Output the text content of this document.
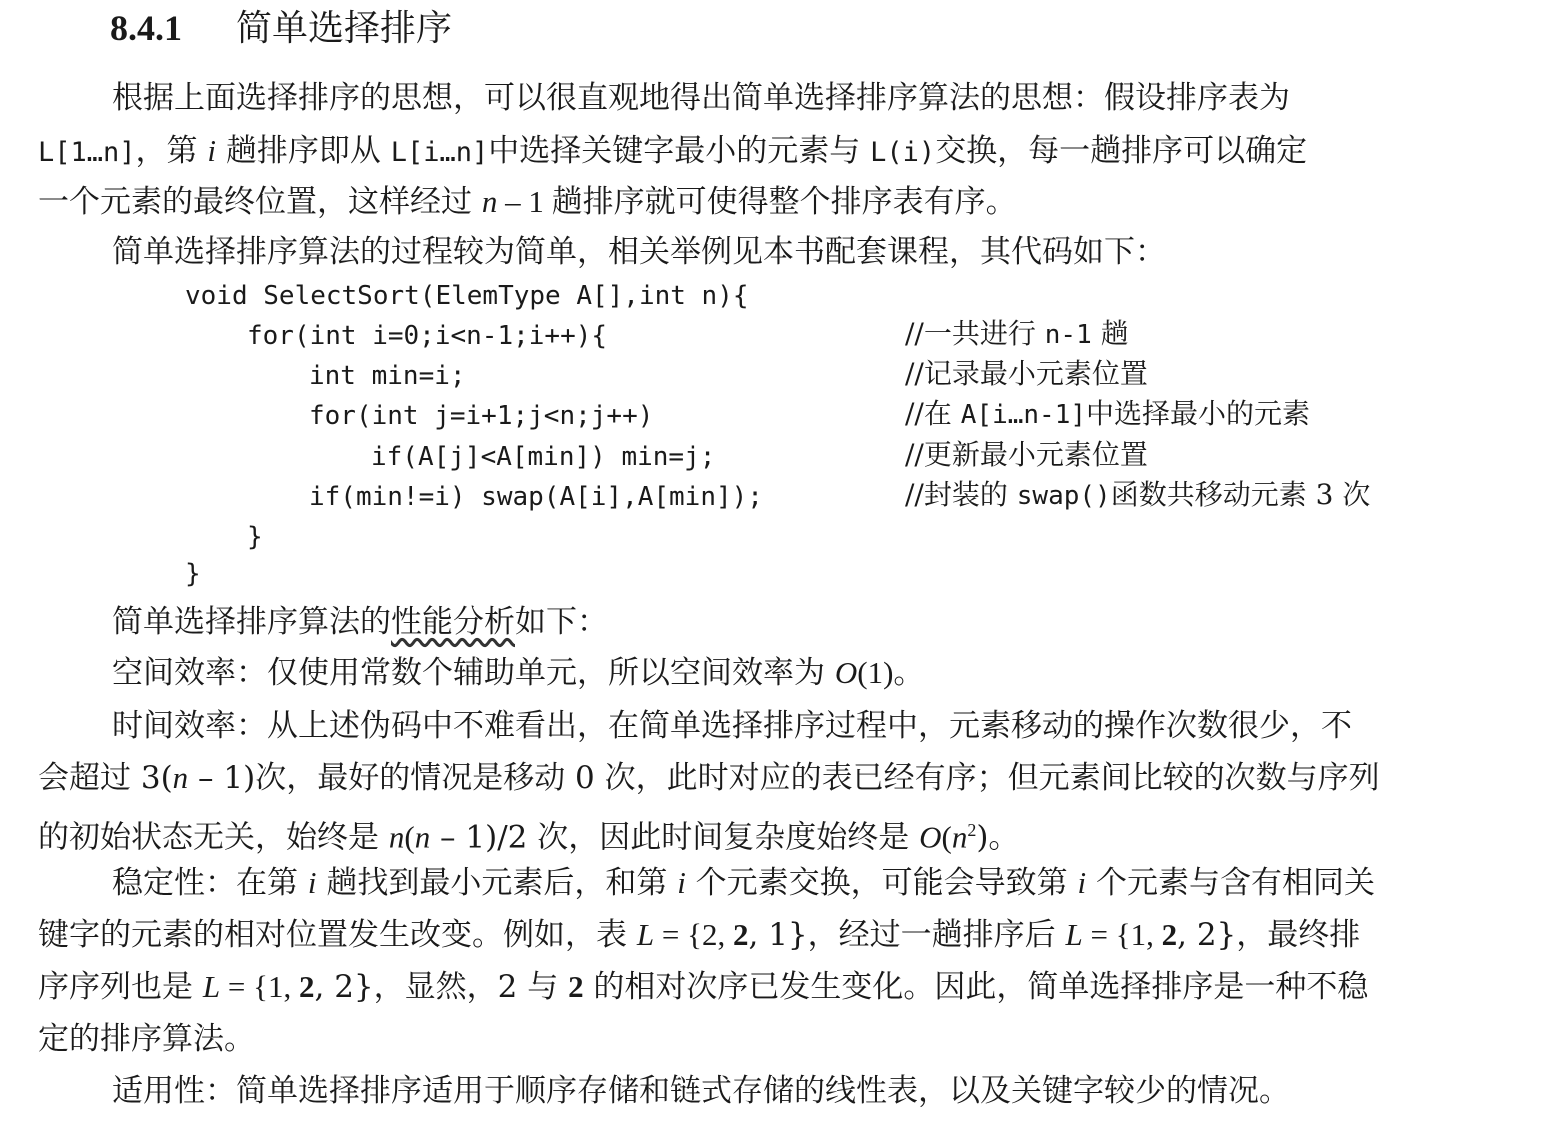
8.4.1 简单选择排序
根据上面选择排序的思想，可以很直观地得出简单选择排序算法的思想：假设排序表为
L[1…n]，第 i 趟排序即从 L[i…n]中选择关键字最小的元素与 L(i)交换，每一趟排序可以确定
一个元素的最终位置，这样经过 n – 1 趟排序就可使得整个排序表有序。
简单选择排序算法的过程较为简单，相关举例见本书配套课程，其代码如下：
void SelectSort(ElemType A[],int n){
for(int i=0;i<n-1;i++){
int min=i;
for(int j=i+1;j<n;j++)
if(A[j]<A[min]) min=j;
if(min!=i) swap(A[i],A[min]);
}
}
//一共进行 n-1 趟
//记录最小元素位置
//在 A[i…n-1]中选择最小的元素
//更新最小元素位置
//封装的 swap()函数共移动元素 3 次
简单选择排序算法的性能分析如下：
空间效率：仅使用常数个辅助单元，所以空间效率为 O(1)。
时间效率：从上述伪码中不难看出，在简单选择排序过程中，元素移动的操作次数很少，不
会超过 3(n – 1)次，最好的情况是移动 0 次，此时对应的表已经有序；但元素间比较的次数与序列
的初始状态无关，始终是 n(n – 1)/2 次，因此时间复杂度始终是 $O(n^2)$。
稳定性：在第 i 趟找到最小元素后，和第 i 个元素交换，可能会导致第 i 个元素与含有相同关
键字的元素的相对位置发生改变。例如，表 L = {2, 2, 1}，经过一趟排序后 L = {1, 2, 2}，最终排
序序列也是 L = {1, 2, 2}，显然，2 与 2 的相对次序已发生变化。因此，简单选择排序是一种不稳
定的排序算法。
适用性：简单选择排序适用于顺序存储和链式存储的线性表，以及关键字较少的情况。
